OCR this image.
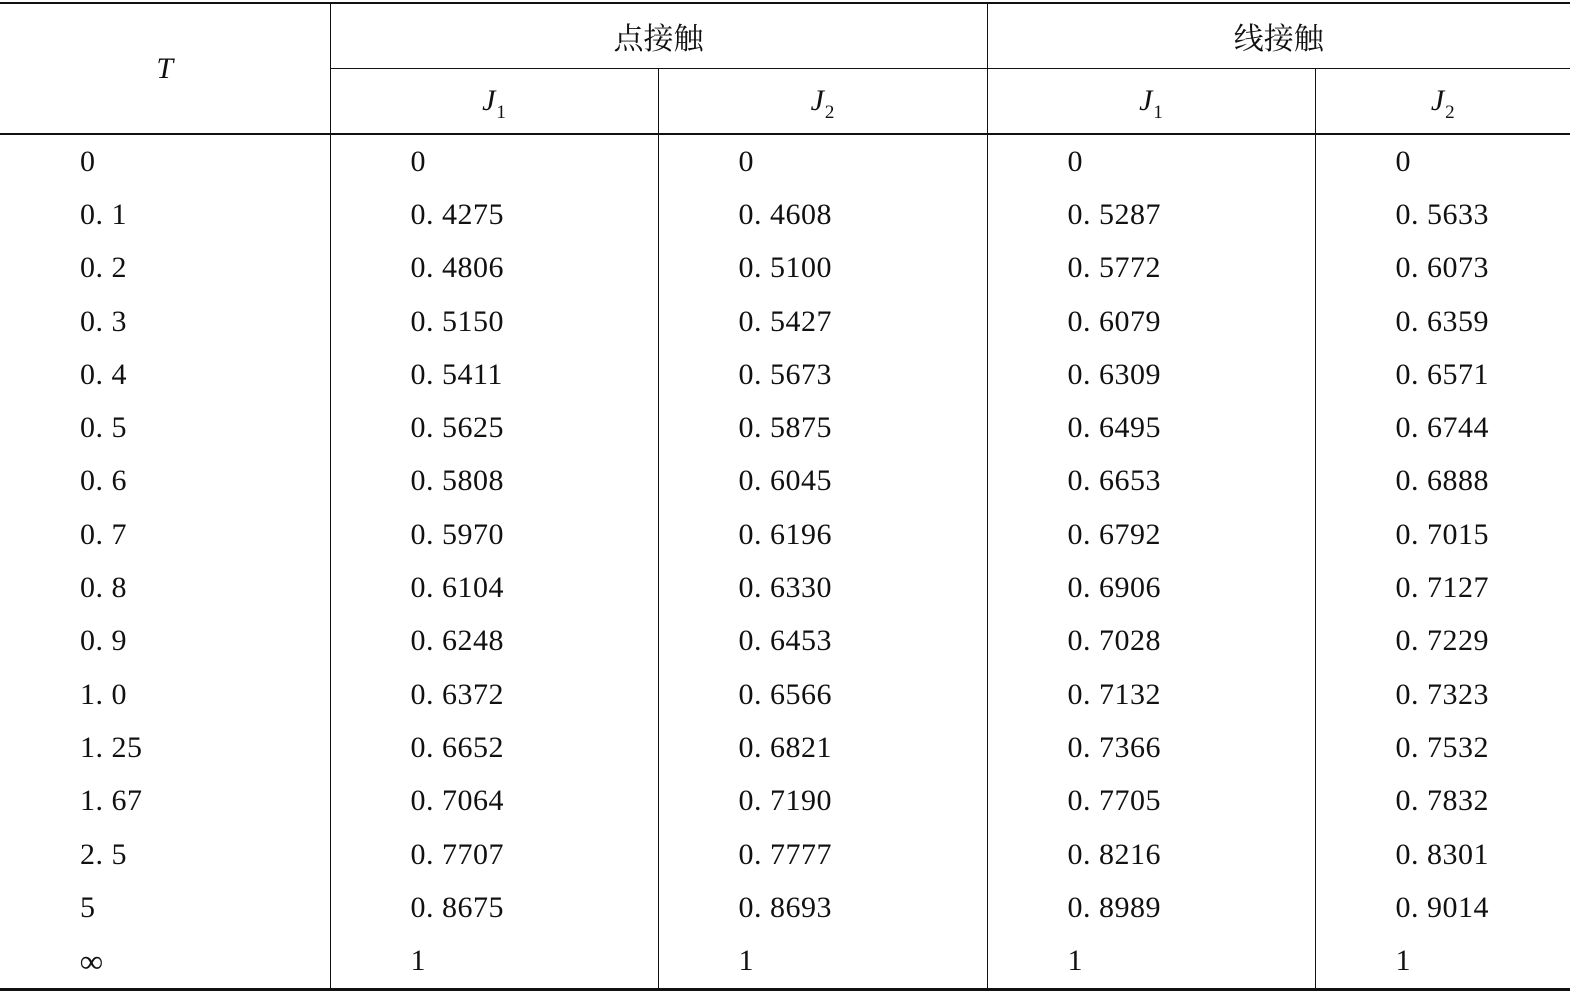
T	点接触		线接触	
	$J_1$	$J_2$	$J_1$	$J_2$
0	0	0	0	0
0. 1	0. 4275	0. 4608	0. 5287	0. 5633
0. 2	0. 4806	0. 5100	0. 5772	0. 6073
0. 3	0. 5150	0. 5427	0. 6079	0. 6359
0. 4	0. 5411	0. 5673	0. 6309	0. 6571
0. 5	0. 5625	0. 5875	0. 6495	0. 6744
0. 6	0. 5808	0. 6045	0. 6653	0. 6888
0. 7	0. 5970	0. 6196	0. 6792	0. 7015
0. 8	0. 6104	0. 6330	0. 6906	0. 7127
0. 9	0. 6248	0. 6453	0. 7028	0. 7229
1. 0	0. 6372	0. 6566	0. 7132	0. 7323
1. 25	0. 6652	0. 6821	0. 7366	0. 7532
1. 67	0. 7064	0. 7190	0. 7705	0. 7832
2. 5	0. 7707	0. 7777	0. 8216	0. 8301
5	0. 8675	0. 8693	0. 8989	0. 9014
∞	1	1	1	1
